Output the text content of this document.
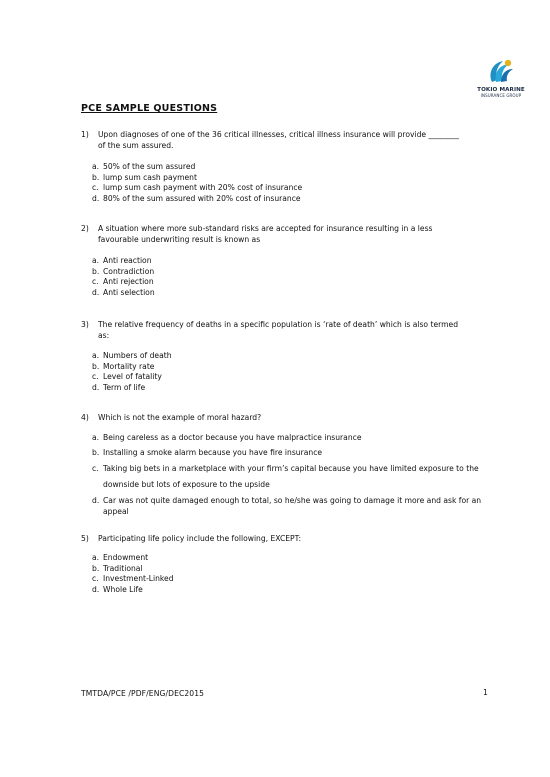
TOKIO MARINE
INSURANCE GROUP
PCE SAMPLE QUESTIONS
1)	Upon diagnoses of one of the 36 critical illnesses, critical illness insurance will provide ________ of the sum assured.
a. 50% of the sum assured
b. lump sum cash payment
c. lump sum cash payment with 20% cost of insurance
d. 80% of the sum assured with 20% cost of insurance
2)	A situation where more sub-standard risks are accepted for insurance resulting in a less favourable underwriting result is known as
a. Anti reaction
b. Contradiction
c. Anti rejection
d. Anti selection
3)	The relative frequency of deaths in a specific population is ‘rate of death’ which is also termed as:
a. Numbers of death
b. Mortality rate
c. Level of fatality
d. Term of life
4)	Which is not the example of moral hazard?
a. Being careless as a doctor because you have malpractice insurance
b. Installing a smoke alarm because you have fire insurance
c. Taking big bets in a marketplace with your firm’s capital because you have limited exposure to the downside but lots of exposure to the upside
d. Car was not quite damaged enough to total, so he/she was going to damage it more and ask for an appeal
5)	Participating life policy include the following, EXCEPT:
a. Endowment
b. Traditional
c. Investment-Linked
d. Whole Life
TMTDA/PCE /PDF/ENG/DEC2015	1
